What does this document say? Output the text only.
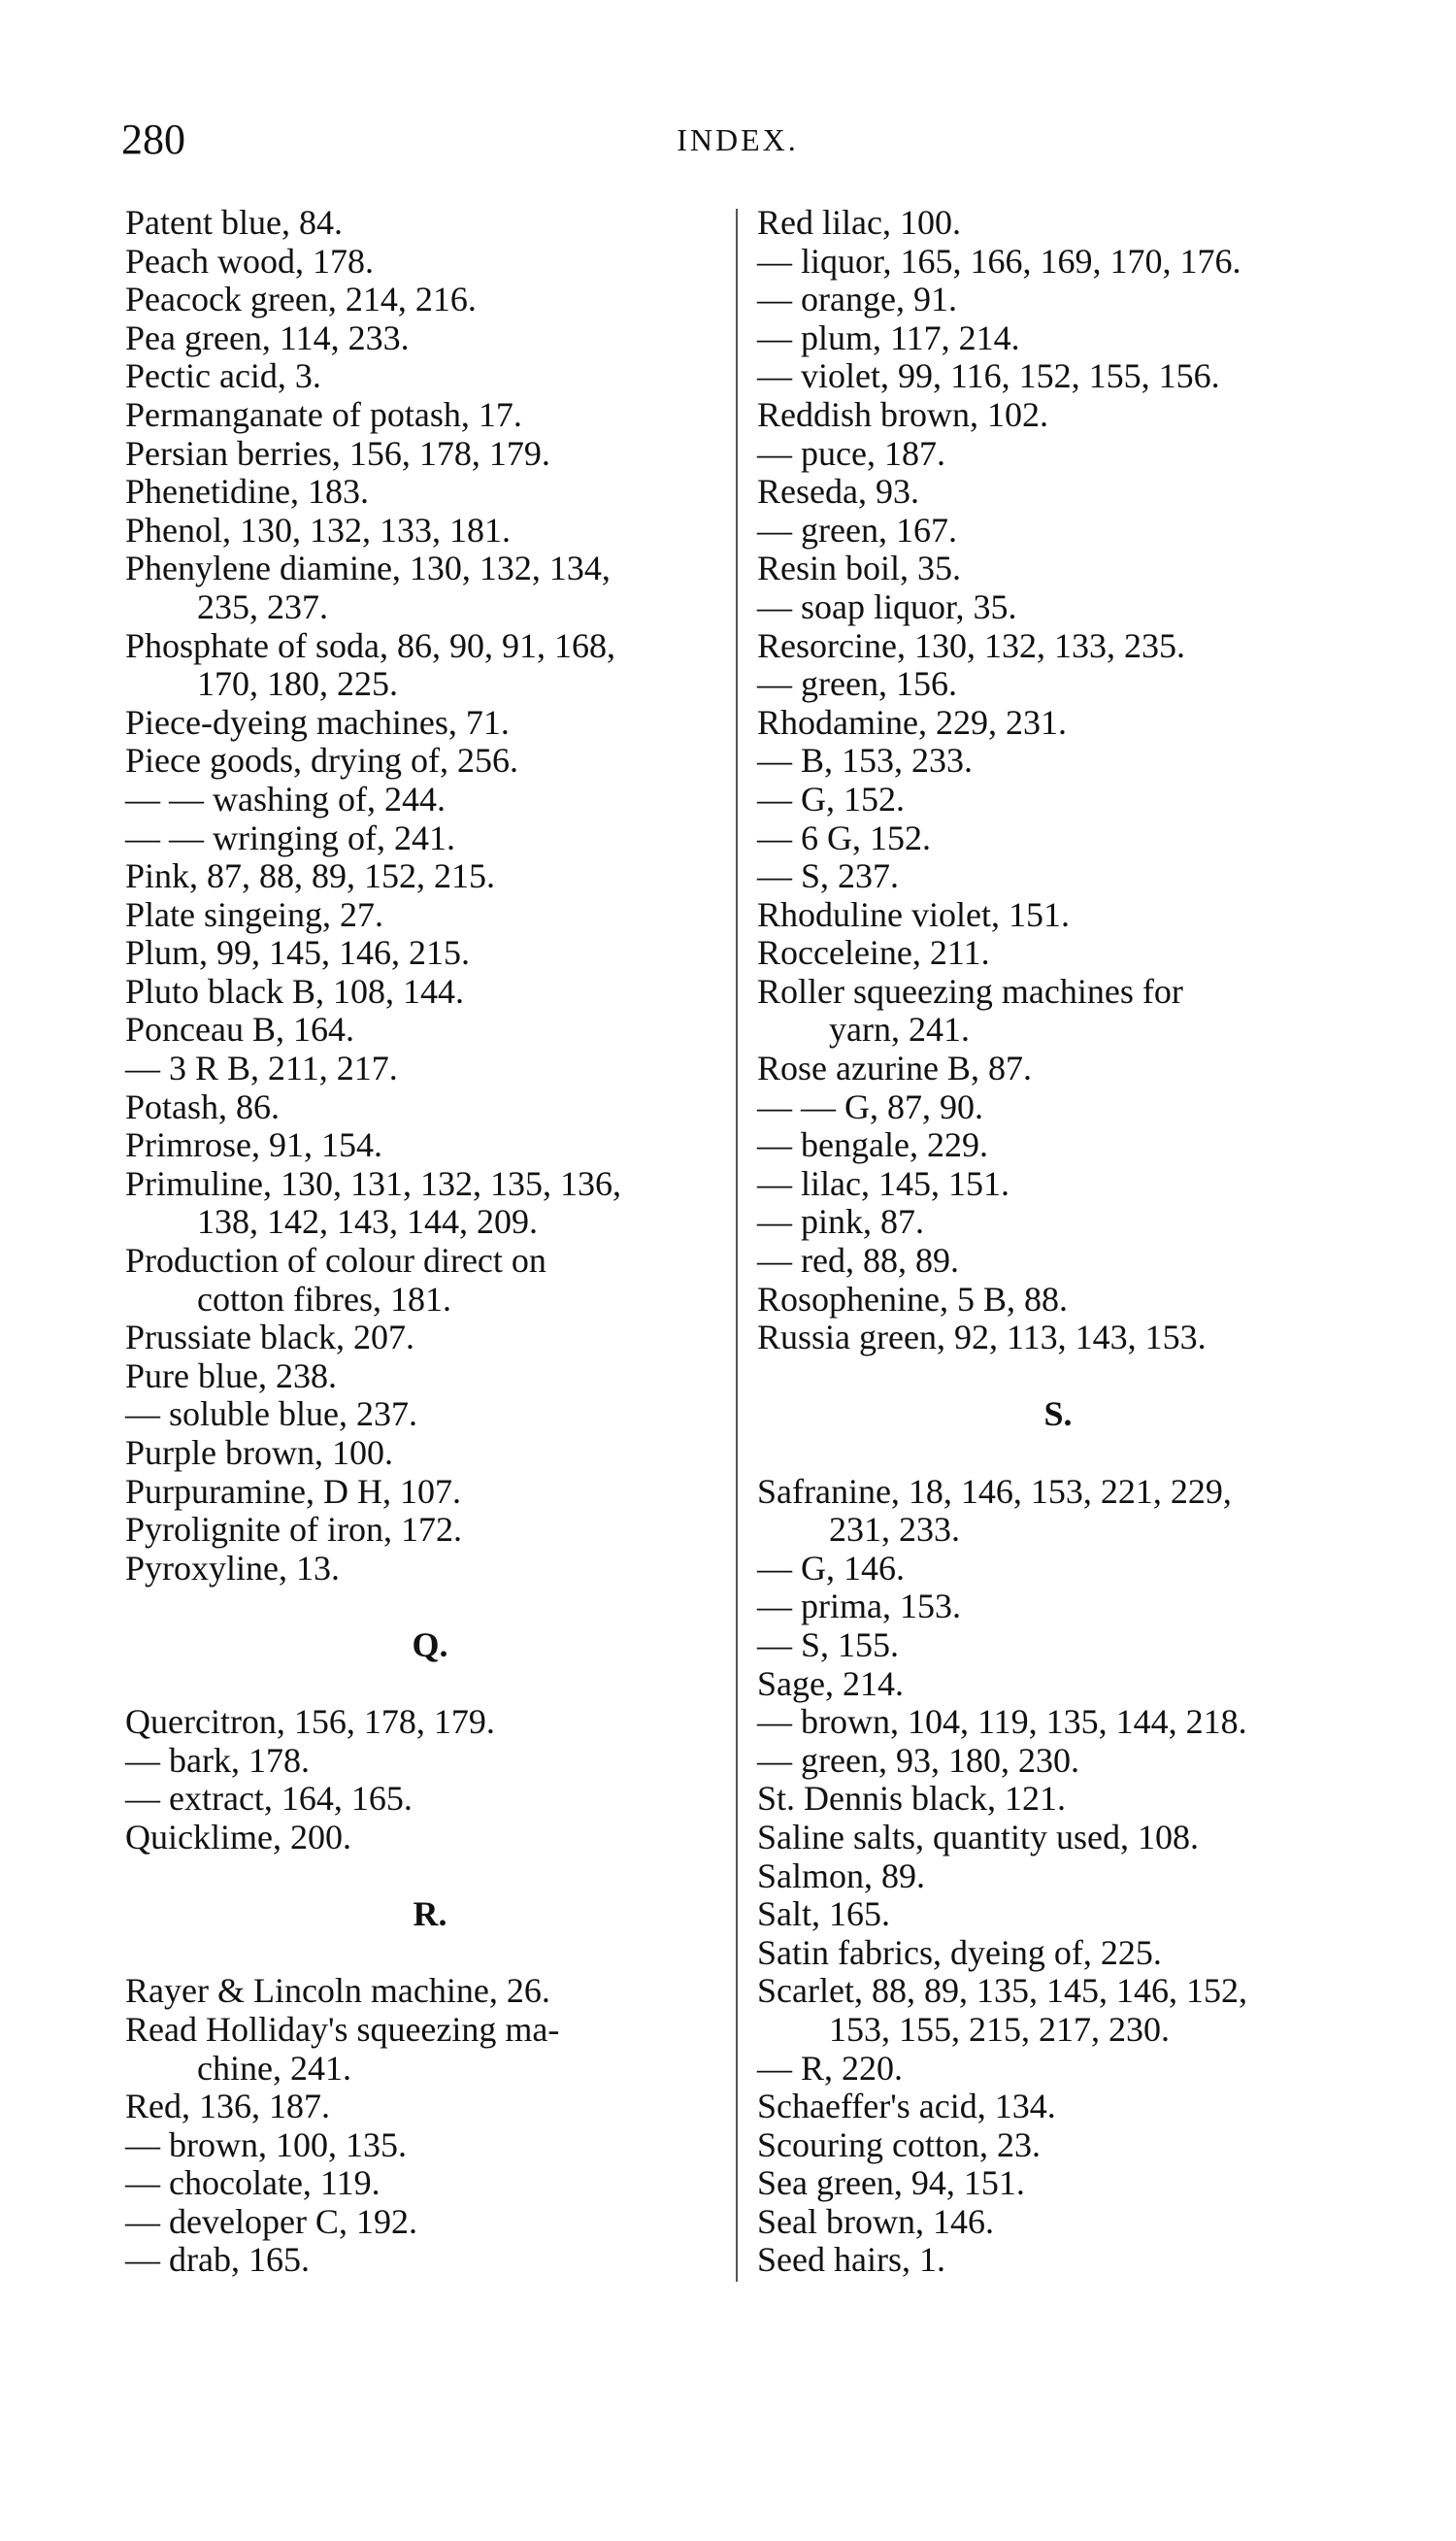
280	INDEX.
Patent blue, 84.
Peach wood, 178.
Peacock green, 214, 216.
Pea green, 114, 233.
Pectic acid, 3.
Permanganate of potash, 17.
Persian berries, 156, 178, 179.
Phenetidine, 183.
Phenol, 130, 132, 133, 181.
Phenylene diamine, 130, 132, 134,
235, 237.
Phosphate of soda, 86, 90, 91, 168,
170, 180, 225.
Piece-dyeing machines, 71.
Piece goods, drying of, 256.
— — washing of, 244.
— — wringing of, 241.
Pink, 87, 88, 89, 152, 215.
Plate singeing, 27.
Plum, 99, 145, 146, 215.
Pluto black B, 108, 144.
Ponceau B, 164.
— 3 R B, 211, 217.
Potash, 86.
Primrose, 91, 154.
Primuline, 130, 131, 132, 135, 136,
138, 142, 143, 144, 209.
Production of colour direct on
cotton fibres, 181.
Prussiate black, 207.
Pure blue, 238.
— soluble blue, 237.
Purple brown, 100.
Purpuramine, D H, 107.
Pyrolignite of iron, 172.
Pyroxyline, 13.
Q.
Quercitron, 156, 178, 179.
— bark, 178.
— extract, 164, 165.
Quicklime, 200.
R.
Rayer & Lincoln machine, 26.
Read Holliday's squeezing ma-
chine, 241.
Red, 136, 187.
— brown, 100, 135.
— chocolate, 119.
— developer C, 192.
— drab, 165.
Red lilac, 100.
— liquor, 165, 166, 169, 170, 176.
— orange, 91.
— plum, 117, 214.
— violet, 99, 116, 152, 155, 156.
Reddish brown, 102.
— puce, 187.
Reseda, 93.
— green, 167.
Resin boil, 35.
— soap liquor, 35.
Resorcine, 130, 132, 133, 235.
— green, 156.
Rhodamine, 229, 231.
— B, 153, 233.
— G, 152.
— 6 G, 152.
— S, 237.
Rhoduline violet, 151.
Rocceleine, 211.
Roller squeezing machines for
yarn, 241.
Rose azurine B, 87.
— — G, 87, 90.
— bengale, 229.
— lilac, 145, 151.
— pink, 87.
— red, 88, 89.
Rosophenine, 5 B, 88.
Russia green, 92, 113, 143, 153.
S.
Safranine, 18, 146, 153, 221, 229,
231, 233.
— G, 146.
— prima, 153.
— S, 155.
Sage, 214.
— brown, 104, 119, 135, 144, 218.
— green, 93, 180, 230.
St. Dennis black, 121.
Saline salts, quantity used, 108.
Salmon, 89.
Salt, 165.
Satin fabrics, dyeing of, 225.
Scarlet, 88, 89, 135, 145, 146, 152,
153, 155, 215, 217, 230.
— R, 220.
Schaeffer's acid, 134.
Scouring cotton, 23.
Sea green, 94, 151.
Seal brown, 146.
Seed hairs, 1.
